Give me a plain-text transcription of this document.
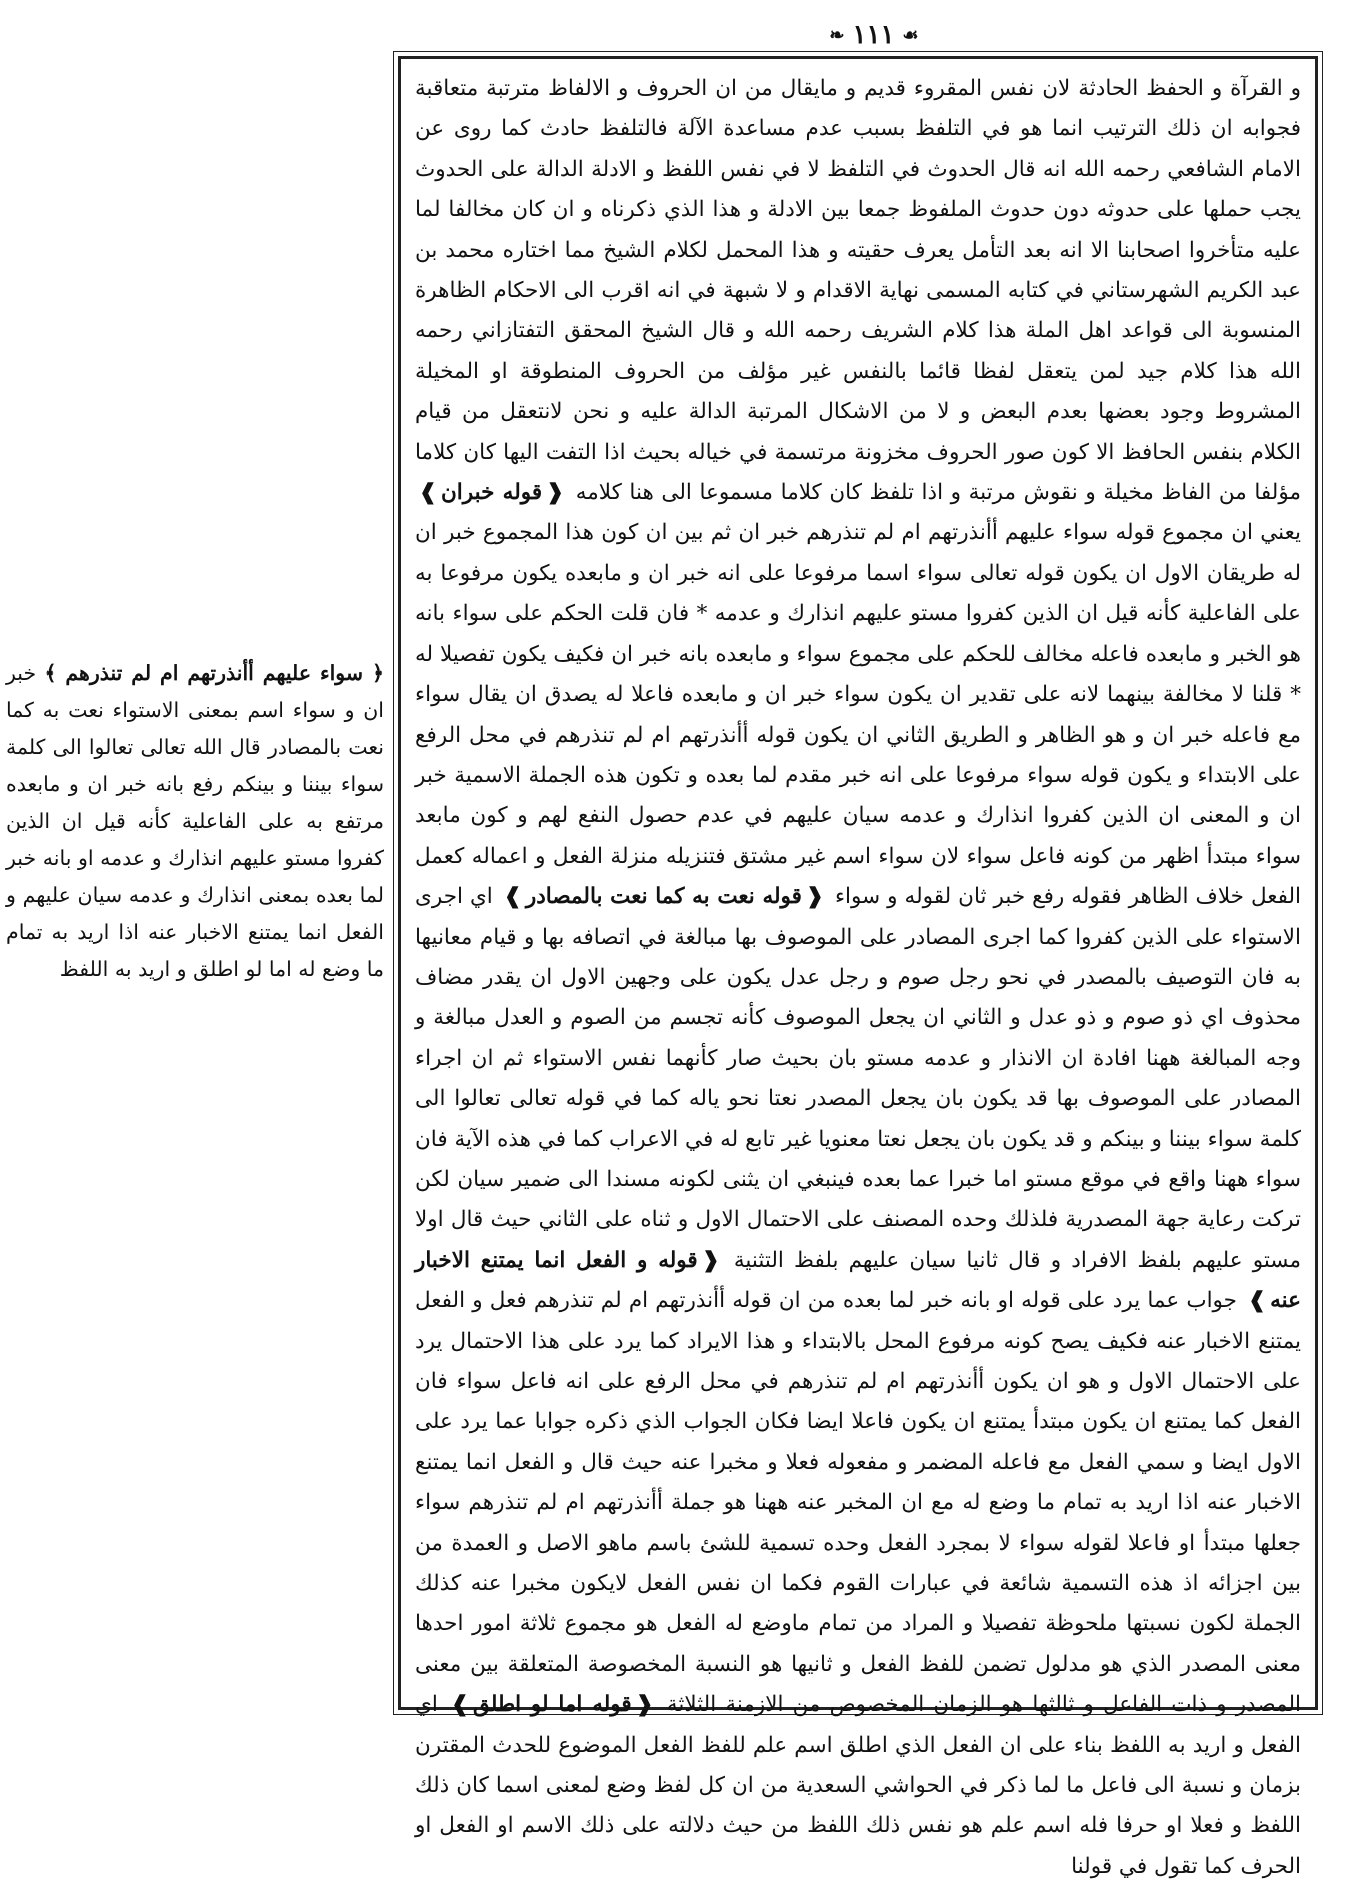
❧ ١١١ ☙

و القرآة و الحفظ الحادثة لان نفس المقروء قديم و مايقال من ان الحروف و الالفاظ مترتبة متعاقبة فجوابه ان ذلك الترتيب انما هو في التلفظ بسبب عدم مساعدة الآلة فالتلفظ حادث كما روى عن الامام الشافعي رحمه الله انه قال الحدوث في التلفظ لا في نفس اللفظ و الادلة الدالة على الحدوث يجب حملها على حدوثه دون حدوث الملفوظ جمعا بين الادلة و هذا الذي ذكرناه و ان كان مخالفا لما عليه متأخروا اصحابنا الا انه بعد التأمل يعرف حقيته و هذا المحمل لكلام الشيخ مما اختاره محمد بن عبد الكريم الشهرستاني في كتابه المسمى نهاية الاقدام و لا شبهة في انه اقرب الى الاحكام الظاهرة المنسوبة الى قواعد اهل الملة هذا كلام الشريف رحمه الله و قال الشيخ المحقق التفتازاني رحمه الله هذا كلام جيد لمن يتعقل لفظا قائما بالنفس غير مؤلف من الحروف المنطوقة او المخيلة المشروط وجود بعضها بعدم البعض و لا من الاشكال المرتبة الدالة عليه و نحن لانتعقل من قيام الكلام بنفس الحافظ الا كون صور الحروف مخزونة مرتسمة في خياله بحيث اذا التفت اليها كان كلاما مؤلفا من الفاظ مخيلة و نقوش مرتبة و اذا تلفظ كان كلاما مسموعا الى هنا كلامه ❰قوله خبران❱ يعني ان مجموع قوله سواء عليهم أأنذرتهم ام لم تنذرهم خبر ان ثم بين ان كون هذا المجموع خبر ان له طريقان الاول ان يكون قوله تعالى سواء اسما مرفوعا على انه خبر ان و مابعده يكون مرفوعا به على الفاعلية كأنه قيل ان الذين كفروا مستو عليهم انذارك و عدمه * فان قلت الحكم على سواء بانه هو الخبر و مابعده فاعله مخالف للحكم على مجموع سواء و مابعده بانه خبر ان فكيف يكون تفصيلا له * قلنا لا مخالفة بينهما لانه على تقدير ان يكون سواء خبر ان و مابعده فاعلا له يصدق ان يقال سواء مع فاعله خبر ان و هو الظاهر و الطريق الثاني ان يكون قوله أأنذرتهم ام لم تنذرهم في محل الرفع على الابتداء و يكون قوله سواء مرفوعا على انه خبر مقدم لما بعده و تكون هذه الجملة الاسمية خبر ان و المعنى ان الذين كفروا انذارك و عدمه سيان عليهم في عدم حصول النفع لهم و كون مابعد سواء مبتدأ اظهر من كونه فاعل سواء لان سواء اسم غير مشتق فتنزيله منزلة الفعل و اعماله كعمل الفعل خلاف الظاهر فقوله رفع خبر ثان لقوله و سواء ❰قوله نعت به كما نعت بالمصادر❱ اي اجرى الاستواء على الذين كفروا كما اجرى المصادر على الموصوف بها مبالغة في اتصافه بها و قيام معانيها به فان التوصيف بالمصدر في نحو رجل صوم و رجل عدل يكون على وجهين الاول ان يقدر مضاف محذوف اي ذو صوم و ذو عدل و الثاني ان يجعل الموصوف كأنه تجسم من الصوم و العدل مبالغة و وجه المبالغة ههنا افادة ان الانذار و عدمه مستو بان بحيث صار كأنهما نفس الاستواء ثم ان اجراء المصادر على الموصوف بها قد يكون بان يجعل المصدر نعتا نحو ياله كما في قوله تعالى تعالوا الى كلمة سواء بيننا و بينكم و قد يكون بان يجعل نعتا معنويا غير تابع له في الاعراب كما في هذه الآية فان سواء ههنا واقع في موقع مستو اما خبرا عما بعده فينبغي ان يثنى لكونه مسندا الى ضمير سيان لكن تركت رعاية جهة المصدرية فلذلك وحده المصنف على الاحتمال الاول و ثناه على الثاني حيث قال اولا مستو عليهم بلفظ الافراد و قال ثانيا سيان عليهم بلفظ التثنية ❰قوله و الفعل انما يمتنع الاخبار عنه❱ جواب عما يرد على قوله او بانه خبر لما بعده من ان قوله أأنذرتهم ام لم تنذرهم فعل و الفعل يمتنع الاخبار عنه فكيف يصح كونه مرفوع المحل بالابتداء و هذا الايراد كما يرد على هذا الاحتمال يرد على الاحتمال الاول و هو ان يكون أأنذرتهم ام لم تنذرهم في محل الرفع على انه فاعل سواء فان الفعل كما يمتنع ان يكون مبتدأ يمتنع ان يكون فاعلا ايضا فكان الجواب الذي ذكره جوابا عما يرد على الاول ايضا و سمي الفعل مع فاعله المضمر و مفعوله فعلا و مخبرا عنه حيث قال و الفعل انما يمتنع الاخبار عنه اذا اريد به تمام ما وضع له مع ان المخبر عنه ههنا هو جملة أأنذرتهم ام لم تنذرهم سواء جعلها مبتدأ او فاعلا لقوله سواء لا بمجرد الفعل وحده تسمية للشئ باسم ماهو الاصل و العمدة من بين اجزائه اذ هذه التسمية شائعة في عبارات القوم فكما ان نفس الفعل لايكون مخبرا عنه كذلك الجملة لكون نسبتها ملحوظة تفصيلا و المراد من تمام ماوضع له الفعل هو مجموع ثلاثة امور احدها معنى المصدر الذي هو مدلول تضمن للفظ الفعل و ثانيها هو النسبة المخصوصة المتعلقة بين معنى المصدر و ذات الفاعل و ثالثها هو الزمان المخصوص من الازمنة الثلاثة ❰قوله اما لو اطلق❱ اي الفعل و اريد به اللفظ بناء على ان الفعل الذي اطلق اسم علم للفظ الفعل الموضوع للحدث المقترن بزمان و نسبة الى فاعل ما لما ذكر في الحواشي السعدية من ان كل لفظ وضع لمعنى اسما كان ذلك اللفظ و فعلا او حرفا فله اسم علم هو نفس ذلك اللفظ من حيث دلالته على ذلك الاسم او الفعل او الحرف كما تقول في قولنا

﴿ سواء عليهم أأنذرتهم ام لم تنذرهم ﴾ خبر ان و سواء اسم بمعنى الاستواء نعت به كما نعت بالمصادر قال الله تعالى تعالوا الى كلمة سواء بيننا و بينكم رفع بانه خبر ان و مابعده مرتفع به على الفاعلية كأنه قيل ان الذين كفروا مستو عليهم انذارك و عدمه او بانه خبر لما بعده بمعنى انذارك و عدمه سيان عليهم و الفعل انما يمتنع الاخبار عنه اذا اريد به تمام ما وضع له اما لو اطلق و اريد به اللفظ
